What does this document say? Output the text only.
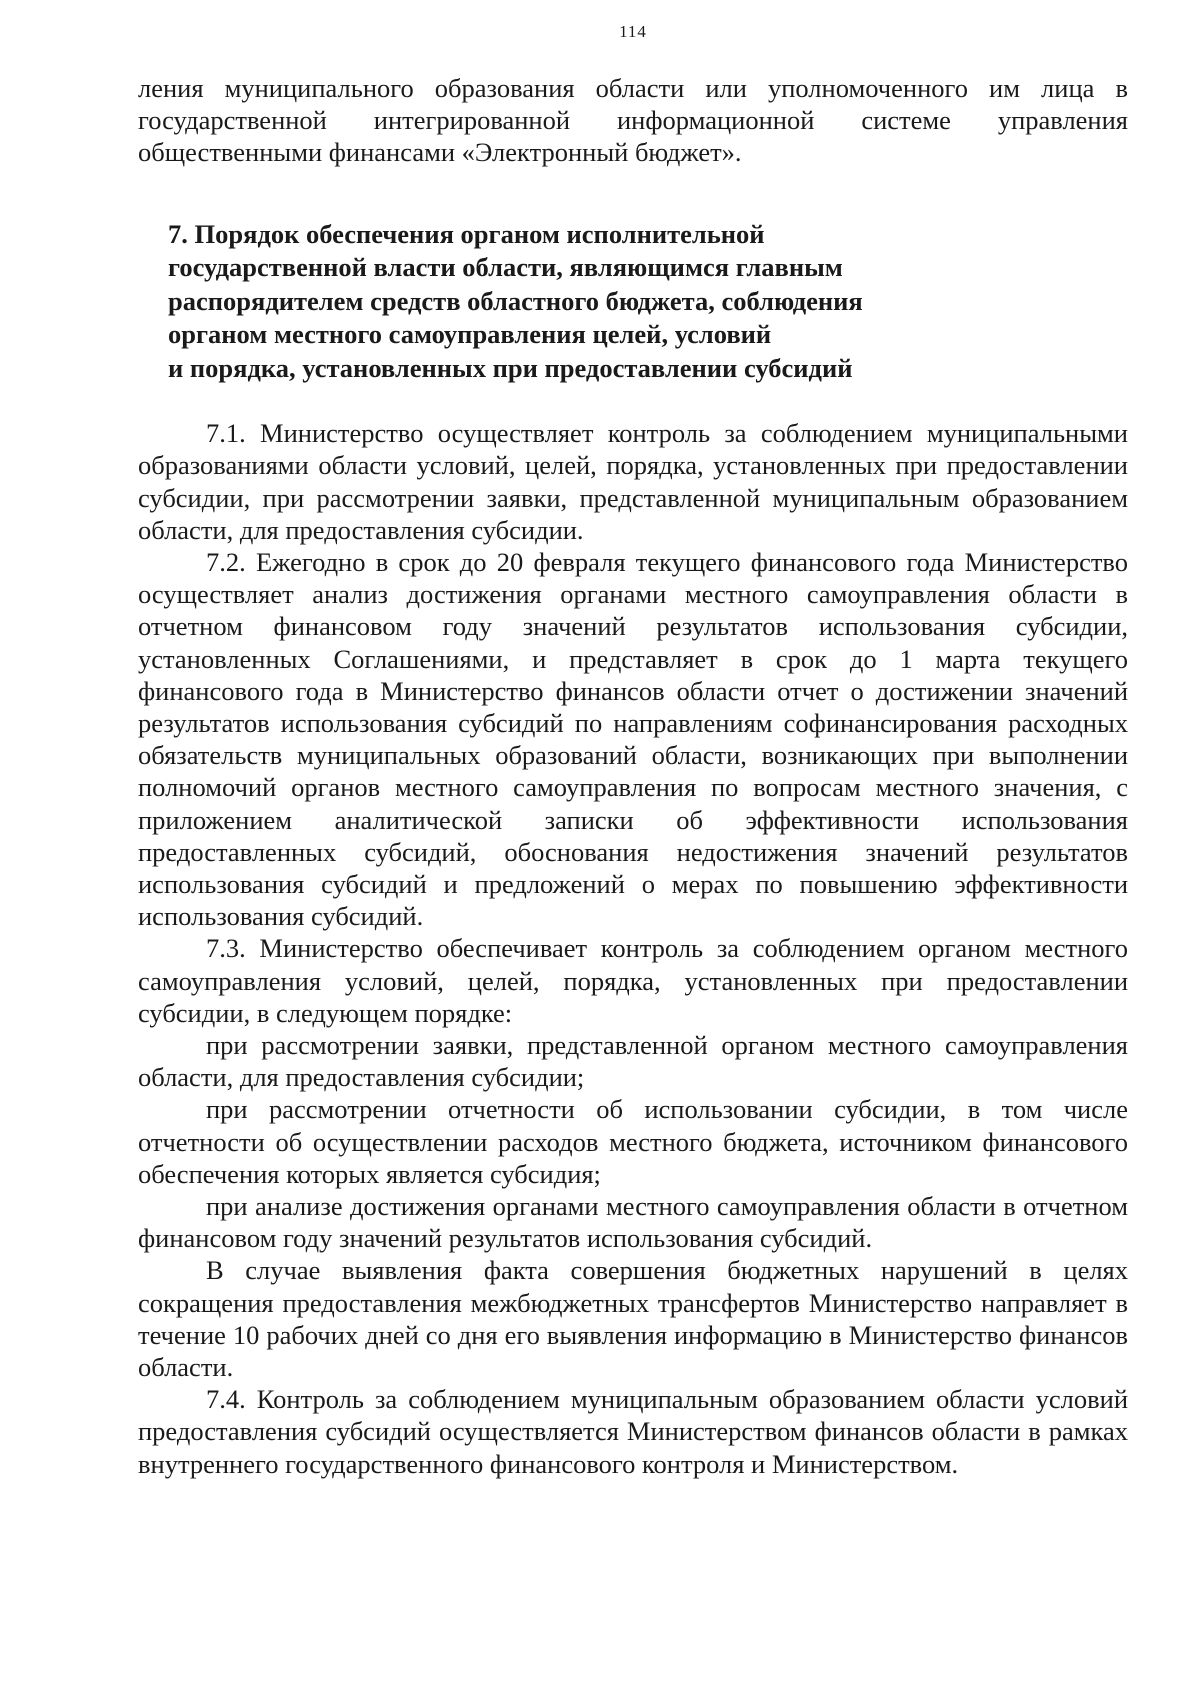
114

ления муниципального образования области или уполномоченного им лица в государственной интегрированной информационной системе управления общественными финансами «Электронный бюджет».

7. Порядок обеспечения органом исполнительной
государственной власти области, являющимся главным
распорядителем средств областного бюджета, соблюдения
органом местного самоуправления целей, условий
и порядка, установленных при предоставлении субсидий

7.1. Министерство осуществляет контроль за соблюдением муниципальными образованиями области условий, целей, порядка, установленных при предоставлении субсидии, при рассмотрении заявки, представленной муниципальным образованием области, для предоставления субсидии.

7.2. Ежегодно в срок до 20 февраля текущего финансового года Министерство осуществляет анализ достижения органами местного самоуправления области в отчетном финансовом году значений результатов использования субсидии, установленных Соглашениями, и представляет в срок до 1 марта текущего финансового года в Министерство финансов области отчет о достижении значений результатов использования субсидий по направлениям софинансирования расходных обязательств муниципальных образований области, возникающих при выполнении полномочий органов местного самоуправления по вопросам местного значения, с приложением аналитической записки об эффективности использования предоставленных субсидий, обоснования недостижения значений результатов использования субсидий и предложений о мерах по повышению эффективности использования субсидий.

7.3. Министерство обеспечивает контроль за соблюдением органом местного самоуправления условий, целей, порядка, установленных при предоставлении субсидии, в следующем порядке:

при рассмотрении заявки, представленной органом местного самоуправления области, для предоставления субсидии;

при рассмотрении отчетности об использовании субсидии, в том числе отчетности об осуществлении расходов местного бюджета, источником финансового обеспечения которых является субсидия;

при анализе достижения органами местного самоуправления области в отчетном финансовом году значений результатов использования субсидий.

В случае выявления факта совершения бюджетных нарушений в целях сокращения предоставления межбюджетных трансфертов Министерство направляет в течение 10 рабочих дней со дня его выявления информацию в Министерство финансов области.

7.4. Контроль за соблюдением муниципальным образованием области условий предоставления субсидий осуществляется Министерством финансов области в рамках внутреннего государственного финансового контроля и Министерством.
